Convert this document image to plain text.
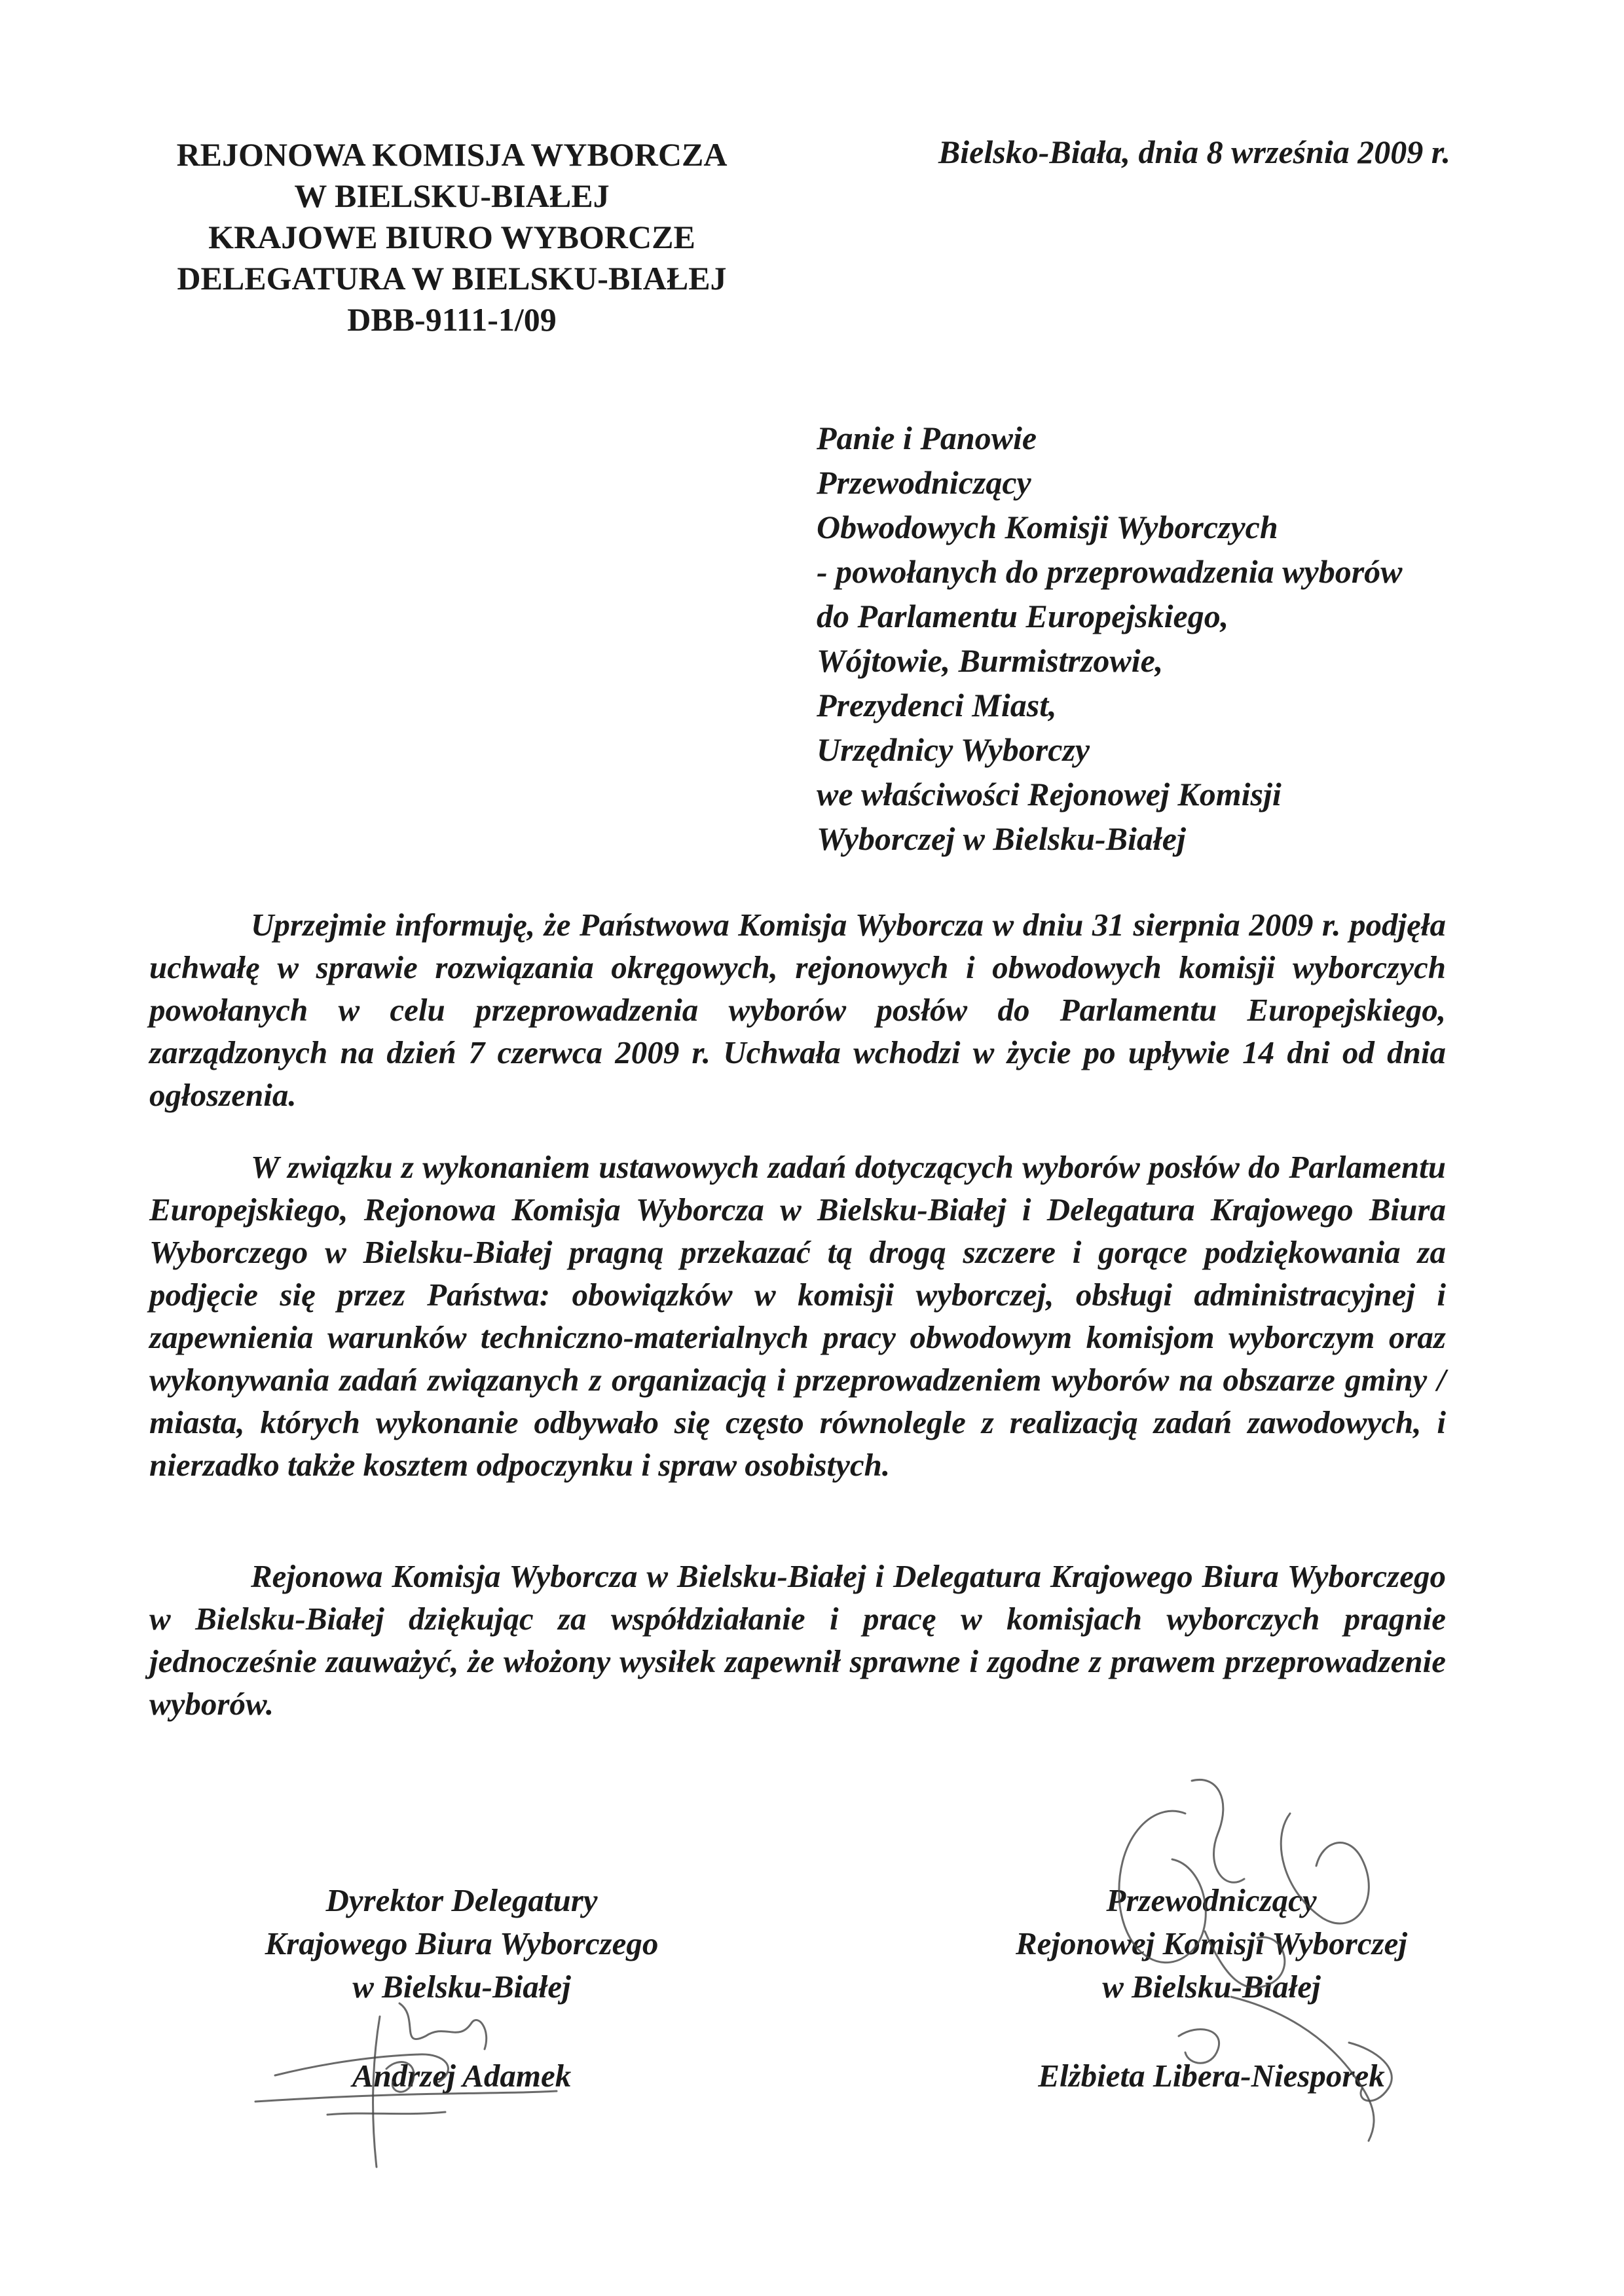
REJONOWA KOMISJA WYBORCZA
W BIELSKU-BIAŁEJ
KRAJOWE BIURO WYBORCZE
DELEGATURA W BIELSKU-BIAŁEJ
DBB-9111-1/09
Bielsko-Biała, dnia 8 września 2009 r.
Panie i Panowie
Przewodniczący
Obwodowych Komisji Wyborczych
- powołanych do przeprowadzenia wyborów
do Parlamentu Europejskiego,
Wójtowie, Burmistrzowie,
Prezydenci Miast,
Urzędnicy Wyborczy
we właściwości Rejonowej Komisji
Wyborczej w Bielsku-Białej

Uprzejmie informuję, że Państwowa Komisja Wyborcza w dniu 31 sierpnia 2009 r. podjęła uchwałę w sprawie rozwiązania okręgowych, rejonowych i obwodowych komisji wyborczych powołanych w celu przeprowadzenia wyborów posłów do Parlamentu Europejskiego, zarządzonych na dzień 7 czerwca 2009 r. Uchwała wchodzi w życie po upływie 14 dni od dnia ogłoszenia.

W związku z wykonaniem ustawowych zadań dotyczących wyborów posłów do Parlamentu Europejskiego, Rejonowa Komisja Wyborcza w Bielsku-Białej i Delegatura Krajowego Biura Wyborczego w Bielsku-Białej pragną przekazać tą drogą szczere i gorące podziękowania za podjęcie się przez Państwa: obowiązków w komisji wyborczej, obsługi administracyjnej i zapewnienia warunków techniczno-materialnych pracy obwodowym komisjom wyborczym oraz wykonywania zadań związanych z organizacją i przeprowadzeniem wyborów na obszarze gminy / miasta, których wykonanie odbywało się często równolegle z realizacją zadań zawodowych, i nierzadko także kosztem odpoczynku i spraw osobistych.

Rejonowa Komisja Wyborcza w Bielsku-Białej i Delegatura Krajowego Biura Wyborczego w Bielsku-Białej dziękując za współdziałanie i pracę w komisjach wyborczych pragnie jednocześnie zauważyć, że włożony wysiłek zapewnił sprawne i zgodne z prawem przeprowadzenie wyborów.

Dyrektor Delegatury
Krajowego Biura Wyborczego
w Bielsku-Białej
Andrzej Adamek
Przewodniczący
Rejonowej Komisji Wyborczej
w Bielsku-Białej
Elżbieta Libera-Niesporek
